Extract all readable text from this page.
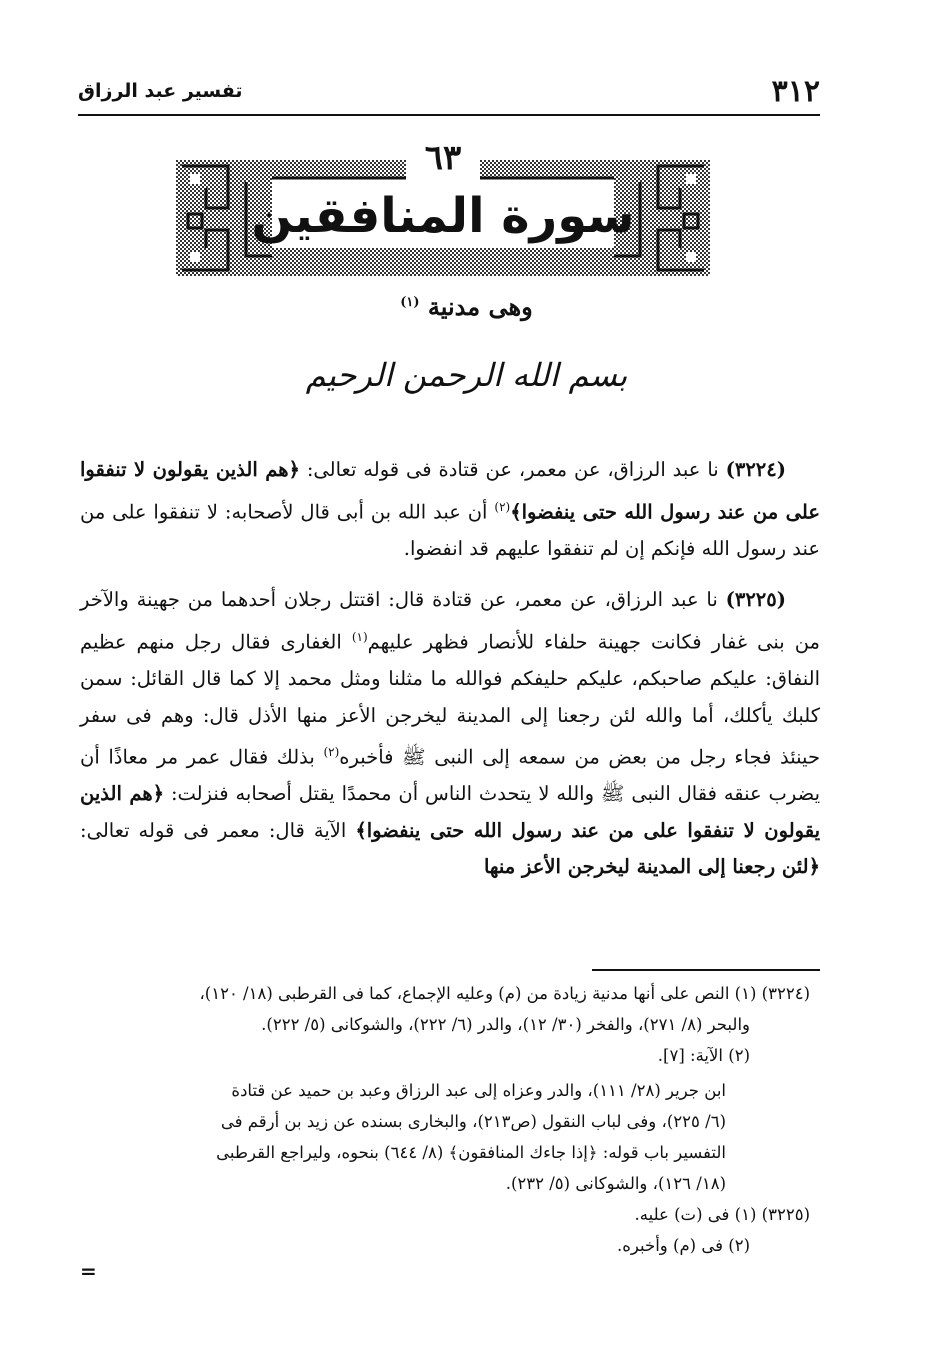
٣١٢
تفسير عبد الرزاق
٦٣
سورة المنافقين
وهى مدنية $^{(١)}$
بسم الله الرحمن الرحيم

(٣٢٢٤) نا عبد الرزاق، عن معمر، عن قتادة فى قوله تعالى: ﴿هم الذين يقولون لا تنفقوا على من عند رسول الله حتى ينفضوا﴾$^{(٢)}$ أن عبد الله بن أبى قال لأصحابه: لا تنفقوا على من عند رسول الله فإنكم إن لم تنفقوا عليهم قد انفضوا.

(٣٢٢٥) نا عبد الرزاق، عن معمر، عن قتادة قال: اقتتل رجلان أحدهما من جهينة والآخر من بنى غفار فكانت جهينة حلفاء للأنصار فظهر عليهم$^{(١)}$ الغفارى فقال رجل منهم عظيم النفاق: عليكم صاحبكم، عليكم حليفكم فوالله ما مثلنا ومثل محمد إلا كما قال القائل: سمن كلبك يأكلك، أما والله لئن رجعنا إلى المدينة ليخرجن الأعز منها الأذل قال: وهم فى سفر حينئذ فجاء رجل من بعض من سمعه إلى النبى ﷺ فأخبره$^{(٢)}$ بذلك فقال عمر مر معاذًا أن يضرب عنقه فقال النبى ﷺ والله لا يتحدث الناس أن محمدًا يقتل أصحابه فنزلت: ﴿هم الذين يقولون لا تنفقوا على من عند رسول الله حتى ينفضوا﴾ الآية قال: معمر فى قوله تعالى: ﴿لئن رجعنا إلى المدينة ليخرجن الأعز منها

(٣٢٢٤) (١) النص على أنها مدنية زيادة من (م) وعليه الإجماع، كما فى القرطبى (١٨/ ١٢٠)،

والبحر (٨/ ٢٧١)، والفخر (٣٠/ ١٢)، والدر (٦/ ٢٢٢)، والشوكانى (٥/ ٢٢٢).

(٢) الآية: [٧].

ابن جرير (٢٨/ ١١١)، والدر وعزاه إلى عبد الرزاق وعبد بن حميد عن قتادة

(٦/ ٢٢٥)، وفى لباب النقول (ص٢١٣)، والبخارى بسنده عن زيد بن أرقم فى

التفسير باب قوله: ﴿إذا جاءك المنافقون﴾ (٨/ ٦٤٤) بنحوه، وليراجع القرطبى

(١٨/ ١٢٦)، والشوكانى (٥/ ٢٣٢).

(٣٢٢٥) (١) فى (ت) عليه.

(٢) فى (م) وأخبره.

=
